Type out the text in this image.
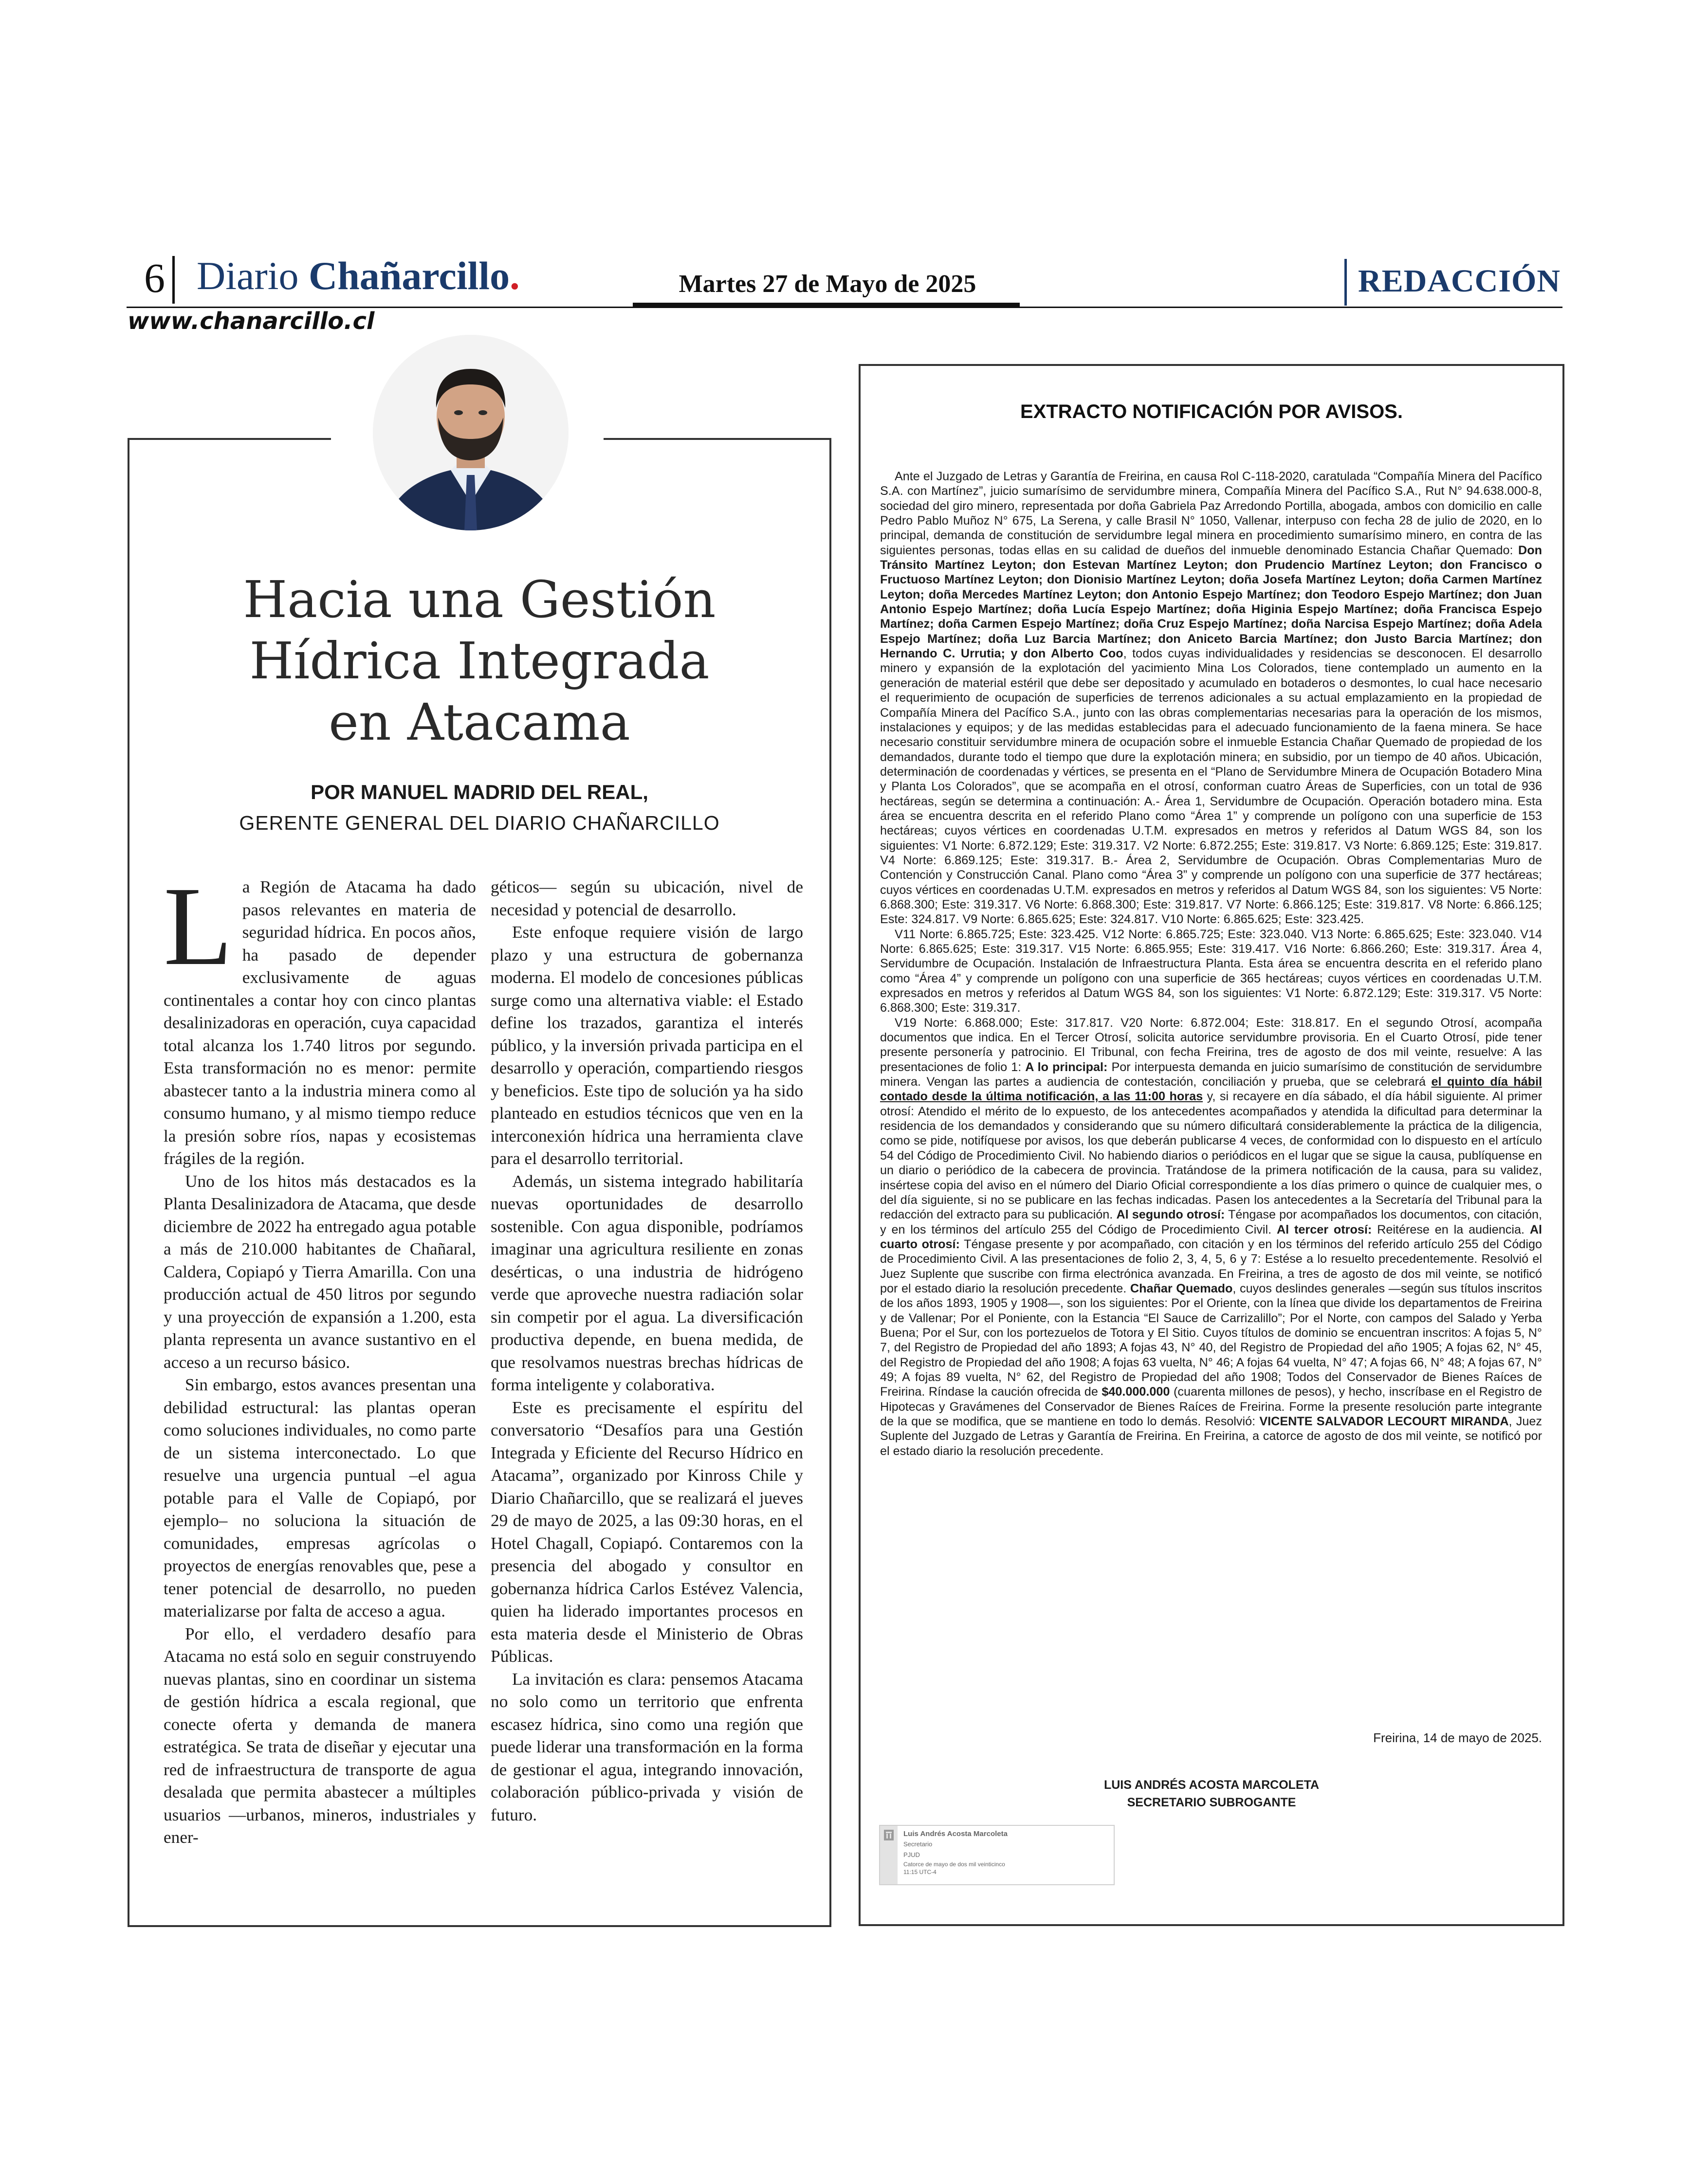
6 Diario Chañarcillo.	Martes 27 de Mayo de 2025	REDACCIÓN
www.chanarcillo.cl
Hacia una Gestión
Hídrica Integrada
en Atacama
POR MANUEL MADRID DEL REAL,
GERENTE GENERAL DEL DIARIO CHAÑARCILLO

La Región de Atacama ha dado pasos relevantes en materia de seguridad hídrica. En pocos años, ha pasado de depender exclusivamente de aguas continentales a contar hoy con cinco plantas desalinizadoras en operación, cuya capacidad total alcanza los 1.740 litros por segundo. Esta transformación no es menor: permite abastecer tanto a la industria minera como al consumo humano, y al mismo tiempo reduce la presión sobre ríos, napas y ecosistemas frágiles de la región.

Uno de los hitos más destacados es la Planta Desalinizadora de Atacama, que desde diciembre de 2022 ha entregado agua potable a más de 210.000 habitantes de Chañaral, Caldera, Copiapó y Tierra Amarilla. Con una producción actual de 450 litros por segundo y una proyección de expansión a 1.200, esta planta representa un avance sustantivo en el acceso a un recurso básico.

Sin embargo, estos avances presentan una debilidad estructural: las plantas operan como soluciones individuales, no como parte de un sistema interconectado. Lo que resuelve una urgencia puntual –el agua potable para el Valle de Copiapó, por ejemplo– no soluciona la situación de comunidades, empresas agrícolas o proyectos de energías renovables que, pese a tener potencial de desarrollo, no pueden materializarse por falta de acceso a agua.

Por ello, el verdadero desafío para Atacama no está solo en seguir construyendo nuevas plantas, sino en coordinar un sistema de gestión hídrica a escala regional, que conecte oferta y demanda de manera estratégica. Se trata de diseñar y ejecutar una red de infraestructura de transporte de agua desalada que permita abastecer a múltiples usuarios —urbanos, mineros, industriales y ener-

géticos— según su ubicación, nivel de necesidad y potencial de desarrollo.

Este enfoque requiere visión de largo plazo y una estructura de gobernanza moderna. El modelo de concesiones públicas surge como una alternativa viable: el Estado define los trazados, garantiza el interés público, y la inversión privada participa en el desarrollo y operación, compartiendo riesgos y beneficios. Este tipo de solución ya ha sido planteado en estudios técnicos que ven en la interconexión hídrica una herramienta clave para el desarrollo territorial.

Además, un sistema integrado habilitaría nuevas oportunidades de desarrollo sostenible. Con agua disponible, podríamos imaginar una agricultura resiliente en zonas desérticas, o una industria de hidrógeno verde que aproveche nuestra radiación solar sin competir por el agua. La diversificación productiva depende, en buena medida, de que resolvamos nuestras brechas hídricas de forma inteligente y colaborativa.

Este es precisamente el espíritu del conversatorio “Desafíos para una Gestión Integrada y Eficiente del Recurso Hídrico en Atacama”, organizado por Kinross Chile y Diario Chañarcillo, que se realizará el jueves 29 de mayo de 2025, a las 09:30 horas, en el Hotel Chagall, Copiapó. Contaremos con la presencia del abogado y consultor en gobernanza hídrica Carlos Estévez Valencia, quien ha liderado importantes procesos en esta materia desde el Ministerio de Obras Públicas.

La invitación es clara: pensemos Atacama no solo como un territorio que enfrenta escasez hídrica, sino como una región que puede liderar una transformación en la forma de gestionar el agua, integrando innovación, colaboración público-privada y visión de futuro.

EXTRACTO NOTIFICACIÓN POR AVISOS.

Ante el Juzgado de Letras y Garantía de Freirina, en causa Rol C-118-2020, caratulada “Compañía Minera del Pacífico S.A. con Martínez”, juicio sumarísimo de servidumbre minera, Compañía Minera del Pacífico S.A., Rut N° 94.638.000-8, sociedad del giro minero, representada por doña Gabriela Paz Arredondo Portilla, abogada, ambos con domicilio en calle Pedro Pablo Muñoz N° 675, La Serena, y calle Brasil N° 1050, Vallenar, interpuso con fecha 28 de julio de 2020, en lo principal, demanda de constitución de servidumbre legal minera en procedimiento sumarísimo minero, en contra de las siguientes personas, todas ellas en su calidad de dueños del inmueble denominado Estancia Chañar Quemado: Don Tránsito Martínez Leyton; don Estevan Martínez Leyton; don Prudencio Martínez Leyton; don Francisco o Fructuoso Martínez Leyton; don Dionisio Martínez Leyton; doña Josefa Martínez Leyton; doña Carmen Martínez Leyton; doña Mercedes Martínez Leyton; don Antonio Espejo Martínez; don Teodoro Espejo Martínez; don Juan Antonio Espejo Martínez; doña Lucía Espejo Martínez; doña Higinia Espejo Martínez; doña Francisca Espejo Martínez; doña Carmen Espejo Martínez; doña Cruz Espejo Martínez; doña Narcisa Espejo Martínez; doña Adela Espejo Martínez; doña Luz Barcia Martínez; don Aniceto Barcia Martínez; don Justo Barcia Martínez; don Hernando C. Urrutia; y don Alberto Coo, todos cuyas individualidades y residencias se desconocen. El desarrollo minero y expansión de la explotación del yacimiento Mina Los Colorados, tiene contemplado un aumento en la generación de material estéril que debe ser depositado y acumulado en botaderos o desmontes, lo cual hace necesario el requerimiento de ocupación de superficies de terrenos adicionales a su actual emplazamiento en la propiedad de Compañía Minera del Pacífico S.A., junto con las obras complementarias necesarias para la operación de los mismos, instalaciones y equipos; y de las medidas establecidas para el adecuado funcionamiento de la faena minera. Se hace necesario constituir servidumbre minera de ocupación sobre el inmueble Estancia Chañar Quemado de propiedad de los demandados, durante todo el tiempo que dure la explotación minera; en subsidio, por un tiempo de 40 años. Ubicación, determinación de coordenadas y vértices, se presenta en el “Plano de Servidumbre Minera de Ocupación Botadero Mina y Planta Los Colorados”, que se acompaña en el otrosí, conforman cuatro Áreas de Superficies, con un total de 936 hectáreas, según se determina a continuación: A.- Área 1, Servidumbre de Ocupación. Operación botadero mina. Esta área se encuentra descrita en el referido Plano como “Área 1” y comprende un polígono con una superficie de 153 hectáreas; cuyos vértices en coordenadas U.T.M. expresados en metros y referidos al Datum WGS 84, son los siguientes: V1 Norte: 6.872.129; Este: 319.317. V2 Norte: 6.872.255; Este: 319.817. V3 Norte: 6.869.125; Este: 319.817. V4 Norte: 6.869.125; Este: 319.317. B.- Área 2, Servidumbre de Ocupación. Obras Complementarias Muro de Contención y Construcción Canal. Plano como “Área 3” y comprende un polígono con una superficie de 377 hectáreas; cuyos vértices en coordenadas U.T.M. expresados en metros y referidos al Datum WGS 84, son los siguientes: V5 Norte: 6.868.300; Este: 319.317. V6 Norte: 6.868.300; Este: 319.817. V7 Norte: 6.866.125; Este: 319.817. V8 Norte: 6.866.125; Este: 324.817. V9 Norte: 6.865.625; Este: 324.817. V10 Norte: 6.865.625; Este: 323.425.

V11 Norte: 6.865.725; Este: 323.425. V12 Norte: 6.865.725; Este: 323.040. V13 Norte: 6.865.625; Este: 323.040. V14 Norte: 6.865.625; Este: 319.317. V15 Norte: 6.865.955; Este: 319.417. V16 Norte: 6.866.260; Este: 319.317. Área 4, Servidumbre de Ocupación. Instalación de Infraestructura Planta. Esta área se encuentra descrita en el referido plano como “Área 4” y comprende un polígono con una superficie de 365 hectáreas; cuyos vértices en coordenadas U.T.M. expresados en metros y referidos al Datum WGS 84, son los siguientes: V1 Norte: 6.872.129; Este: 319.317. V5 Norte: 6.868.300; Este: 319.317.

V19 Norte: 6.868.000; Este: 317.817. V20 Norte: 6.872.004; Este: 318.817. En el segundo Otrosí, acompaña documentos que indica. En el Tercer Otrosí, solicita autorice servidumbre provisoria. En el Cuarto Otrosí, pide tener presente personería y patrocinio. El Tribunal, con fecha Freirina, tres de agosto de dos mil veinte, resuelve: A las presentaciones de folio 1: A lo principal: Por interpuesta demanda en juicio sumarísimo de constitución de servidumbre minera. Vengan las partes a audiencia de contestación, conciliación y prueba, que se celebrará el quinto día hábil contado desde la última notificación, a las 11:00 horas y, si recayere en día sábado, el día hábil siguiente. Al primer otrosí: Atendido el mérito de lo expuesto, de los antecedentes acompañados y atendida la dificultad para determinar la residencia de los demandados y considerando que su número dificultará considerablemente la práctica de la diligencia, como se pide, notifíquese por avisos, los que deberán publicarse 4 veces, de conformidad con lo dispuesto en el artículo 54 del Código de Procedimiento Civil. No habiendo diarios o periódicos en el lugar que se sigue la causa, publíquense en un diario o periódico de la cabecera de provincia. Tratándose de la primera notificación de la causa, para su validez, insértese copia del aviso en el número del Diario Oficial correspondiente a los días primero o quince de cualquier mes, o del día siguiente, si no se publicare en las fechas indicadas. Pasen los antecedentes a la Secretaría del Tribunal para la redacción del extracto para su publicación. Al segundo otrosí: Téngase por acompañados los documentos, con citación, y en los términos del artículo 255 del Código de Procedimiento Civil. Al tercer otrosí: Reitérese en la audiencia. Al cuarto otrosí: Téngase presente y por acompañado, con citación y en los términos del referido artículo 255 del Código de Procedimiento Civil. A las presentaciones de folio 2, 3, 4, 5, 6 y 7: Estése a lo resuelto precedentemente. Resolvió el Juez Suplente que suscribe con firma electrónica avanzada. En Freirina, a tres de agosto de dos mil veinte, se notificó por el estado diario la resolución precedente. Chañar Quemado, cuyos deslindes generales —según sus títulos inscritos de los años 1893, 1905 y 1908—, son los siguientes: Por el Oriente, con la línea que divide los departamentos de Freirina y de Vallenar; Por el Poniente, con la Estancia “El Sauce de Carrizalillo”; Por el Norte, con campos del Salado y Yerba Buena; Por el Sur, con los portezuelos de Totora y El Sitio. Cuyos títulos de dominio se encuentran inscritos: A fojas 5, N° 7, del Registro de Propiedad del año 1893; A fojas 43, N° 40, del Registro de Propiedad del año 1905; A fojas 62, N° 45, del Registro de Propiedad del año 1908; A fojas 63 vuelta, N° 46; A fojas 64 vuelta, N° 47; A fojas 66, N° 48; A fojas 67, N° 49; A fojas 89 vuelta, N° 62, del Registro de Propiedad del año 1908; Todos del Conservador de Bienes Raíces de Freirina. Ríndase la caución ofrecida de $40.000.000 (cuarenta millones de pesos), y hecho, inscríbase en el Registro de Hipotecas y Gravámenes del Conservador de Bienes Raíces de Freirina. Forme la presente resolución parte integrante de la que se modifica, que se mantiene en todo lo demás. Resolvió: VICENTE SALVADOR LECOURT MIRANDA, Juez Suplente del Juzgado de Letras y Garantía de Freirina. En Freirina, a catorce de agosto de dos mil veinte, se notificó por el estado diario la resolución precedente.

Freirina, 14 de mayo de 2025.
LUIS ANDRÉS ACOSTA MARCOLETA
SECRETARIO SUBROGANTE
Luis Andrés Acosta Marcoleta
Secretario
PJUD
Catorce de mayo de dos mil veinticinco
11:15 UTC-4
